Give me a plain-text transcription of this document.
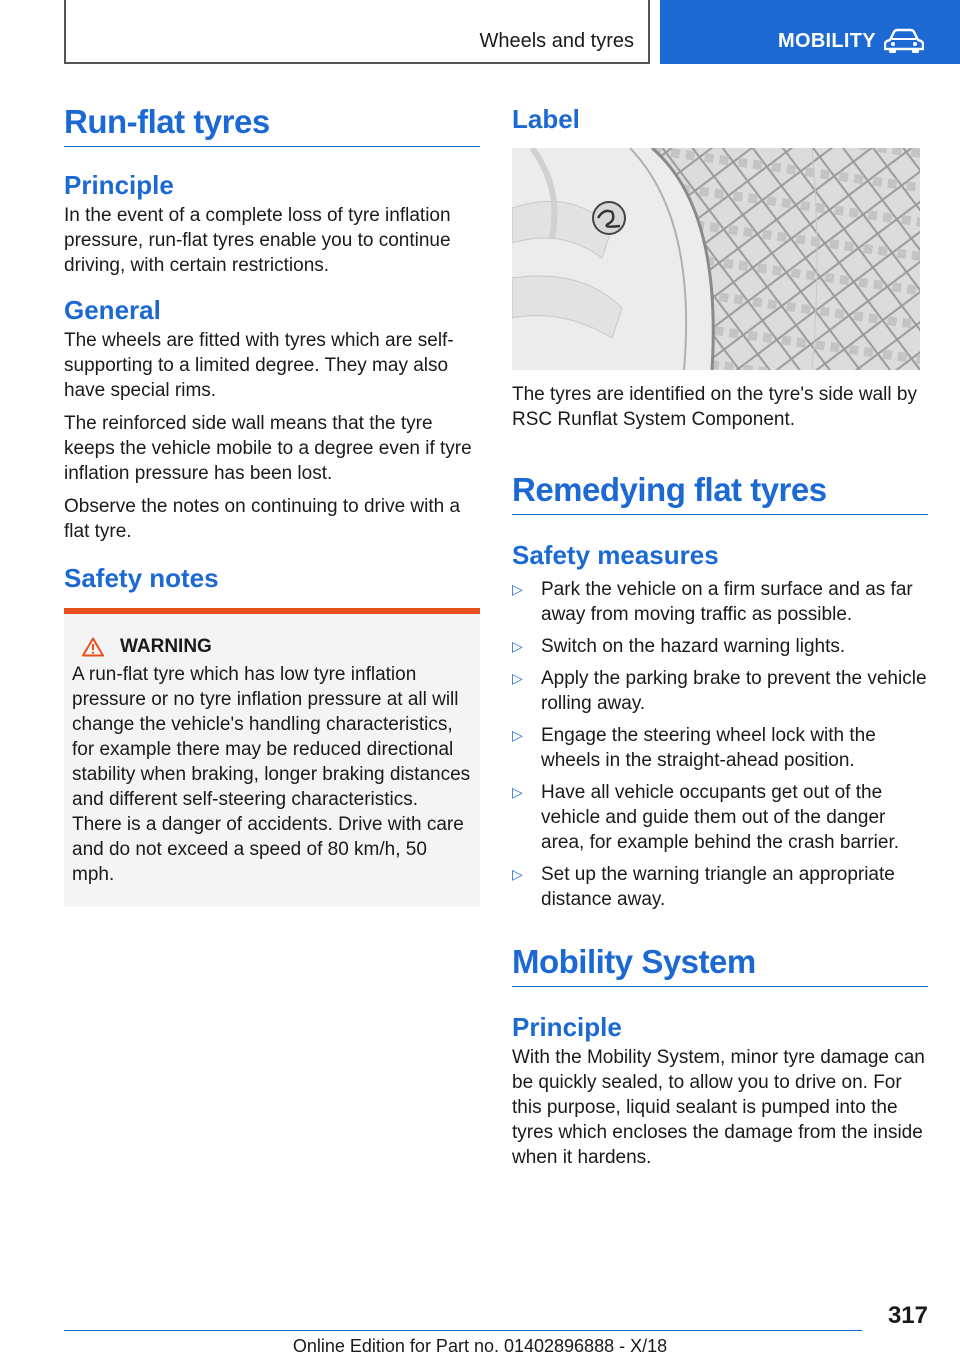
Wheels and tyres	MOBILITY
Run-flat tyres
Principle

In the event of a complete loss of tyre inflation pressure, run-flat tyres enable you to continue driving, with certain restrictions.

General

The wheels are fitted with tyres which are self-supporting to a limited degree. They may also have special rims.

The reinforced side wall means that the tyre keeps the vehicle mobile to a degree even if tyre inflation pressure has been lost.

Observe the notes on continuing to drive with a flat tyre.

Safety notes
WARNING

A run-flat tyre which has low tyre inflation pressure or no tyre inflation pressure at all will change the vehicle's handling characteristics, for example there may be reduced directional stability when braking, longer braking distances and different self-steering characteristics. There is a danger of accidents. Drive with care and do not exceed a speed of 80 km/h, 50 mph.

Label

The tyres are identified on the tyre's side wall by RSC Runflat System Component.

Remedying flat tyres
Safety measures
▷ Park the vehicle on a firm surface and as far away from moving traffic as possible.
▷ Switch on the hazard warning lights.
▷ Apply the parking brake to prevent the vehicle rolling away.
▷ Engage the steering wheel lock with the wheels in the straight-ahead position.
▷ Have all vehicle occupants get out of the vehicle and guide them out of the danger area, for example behind the crash barrier.
▷ Set up the warning triangle an appropriate distance away.
Mobility System
Principle

With the Mobility System, minor tyre damage can be quickly sealed, to allow you to drive on. For this purpose, liquid sealant is pumped into the tyres which encloses the damage from the inside when it hardens.

317
Online Edition for Part no. 01402896888 - X/18
